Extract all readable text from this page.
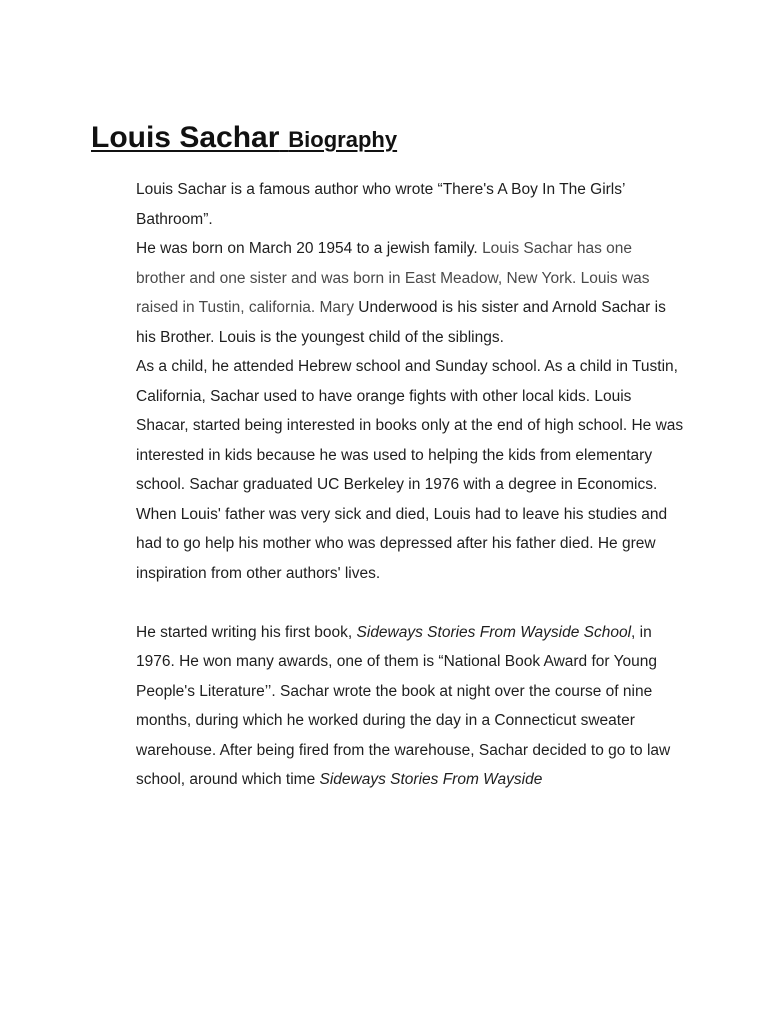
Louis Sachar Biography

Louis Sachar is a famous author who wrote “There's A Boy In The Girls’ Bathroom”.

He was born on March 20 1954 to a jewish family. Louis Sachar has one brother and one sister and was born in East Meadow, New York. Louis was raised in Tustin, california. Mary Underwood is his sister and Arnold Sachar is his Brother. Louis is the youngest child of the siblings.

As a child, he attended Hebrew school and Sunday school. As a child in Tustin, California, Sachar used to have orange fights with other local kids. Louis Shacar, started being interested in books only at the end of high school. He was interested in kids because he was used to helping the kids from elementary school. Sachar graduated UC Berkeley in 1976 with a degree in Economics. When Louis' father was very sick and died, Louis had to leave his studies and had to go help his mother who was depressed after his father died. He grew inspiration from other authors' lives.

He started writing his first book, Sideways Stories From Wayside School, in 1976. He won many awards, one of them is “National Book Award for Young People's Literature’’. Sachar wrote the book at night over the course of nine months, during which he worked during the day in a Connecticut sweater warehouse. After being fired from the warehouse, Sachar decided to go to law school, around which time Sideways Stories From Wayside
